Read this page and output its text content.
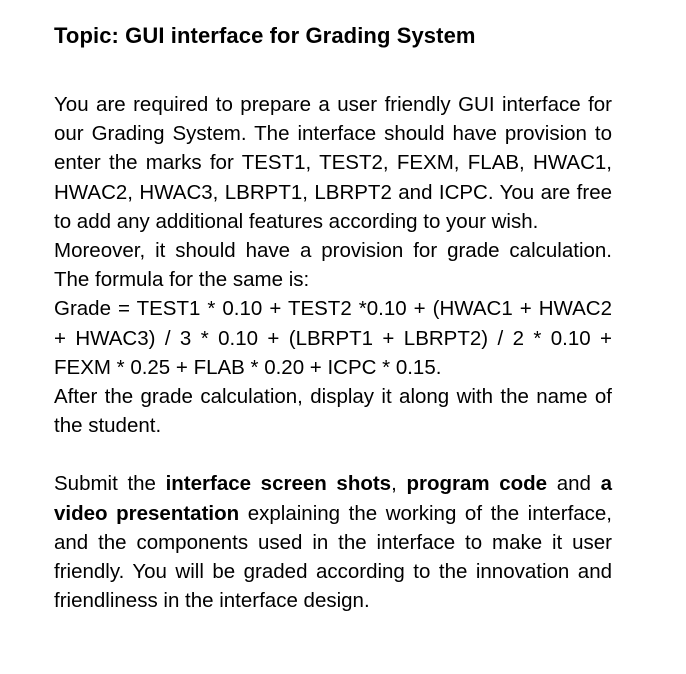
Topic: GUI interface for Grading System

You are required to prepare a user friendly GUI interface for our Grading System. The interface should have provision to enter the marks for TEST1, TEST2, FEXM, FLAB, HWAC1, HWAC2, HWAC3, LBRPT1, LBRPT2 and ICPC. You are free to add any additional features according to your wish.

Moreover, it should have a provision for grade calculation. The formula for the same is:

Grade = TEST1 * 0.10 + TEST2 *0.10 + (HWAC1 + HWAC2 + HWAC3) / 3 * 0.10 + (LBRPT1 + LBRPT2) / 2 * 0.10 + FEXM * 0.25 + FLAB * 0.20 + ICPC * 0.15.

After the grade calculation, display it along with the name of the student.

Submit the interface screen shots, program code and a video presentation explaining the working of the interface, and the components used in the interface to make it user friendly. You will be graded according to the innovation and friendliness in the interface design.
